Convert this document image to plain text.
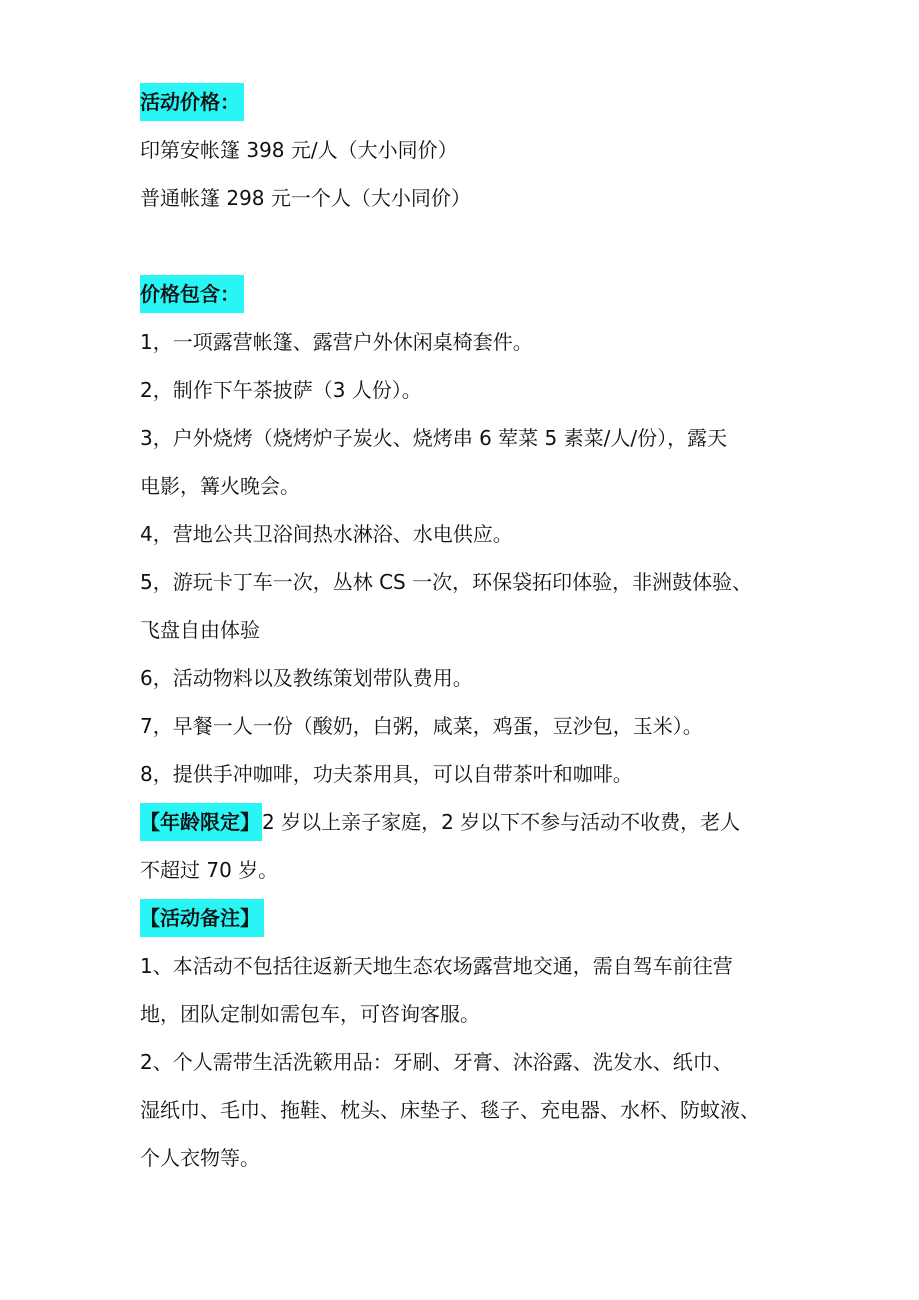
活动价格：
印第安帐篷 398 元/人（大小同价）
普通帐篷 298 元一个人（大小同价）
价格包含：
1，一项露营帐篷、露营户外休闲桌椅套件。
2，制作下午茶披萨（3 人份）。
3，户外烧烤（烧烤炉子炭火、烧烤串 6 荤菜 5 素菜/人/份），露天
电影，篝火晚会。
4，营地公共卫浴间热水淋浴、水电供应。
5，游玩卡丁车一次，丛林 CS 一次，环保袋拓印体验，非洲鼓体验、
飞盘自由体验
6，活动物料以及教练策划带队费用。
7，早餐一人一份（酸奶，白粥，咸菜，鸡蛋，豆沙包，玉米）。
8，提供手冲咖啡，功夫茶用具，可以自带茶叶和咖啡。
【年龄限定】 2 岁以上亲子家庭，2 岁以下不参与活动不收费，老人
不超过 70 岁。
【活动备注】
1、本活动不包括往返新天地生态农场露营地交通，需自驾车前往营
地，团队定制如需包车，可咨询客服。
2、个人需带生活洗簌用品：牙刷、牙膏、沐浴露、洗发水、纸巾、
湿纸巾、毛巾、拖鞋、枕头、床垫子、毯子、充电器、水杯、防蚊液、
个人衣物等。
